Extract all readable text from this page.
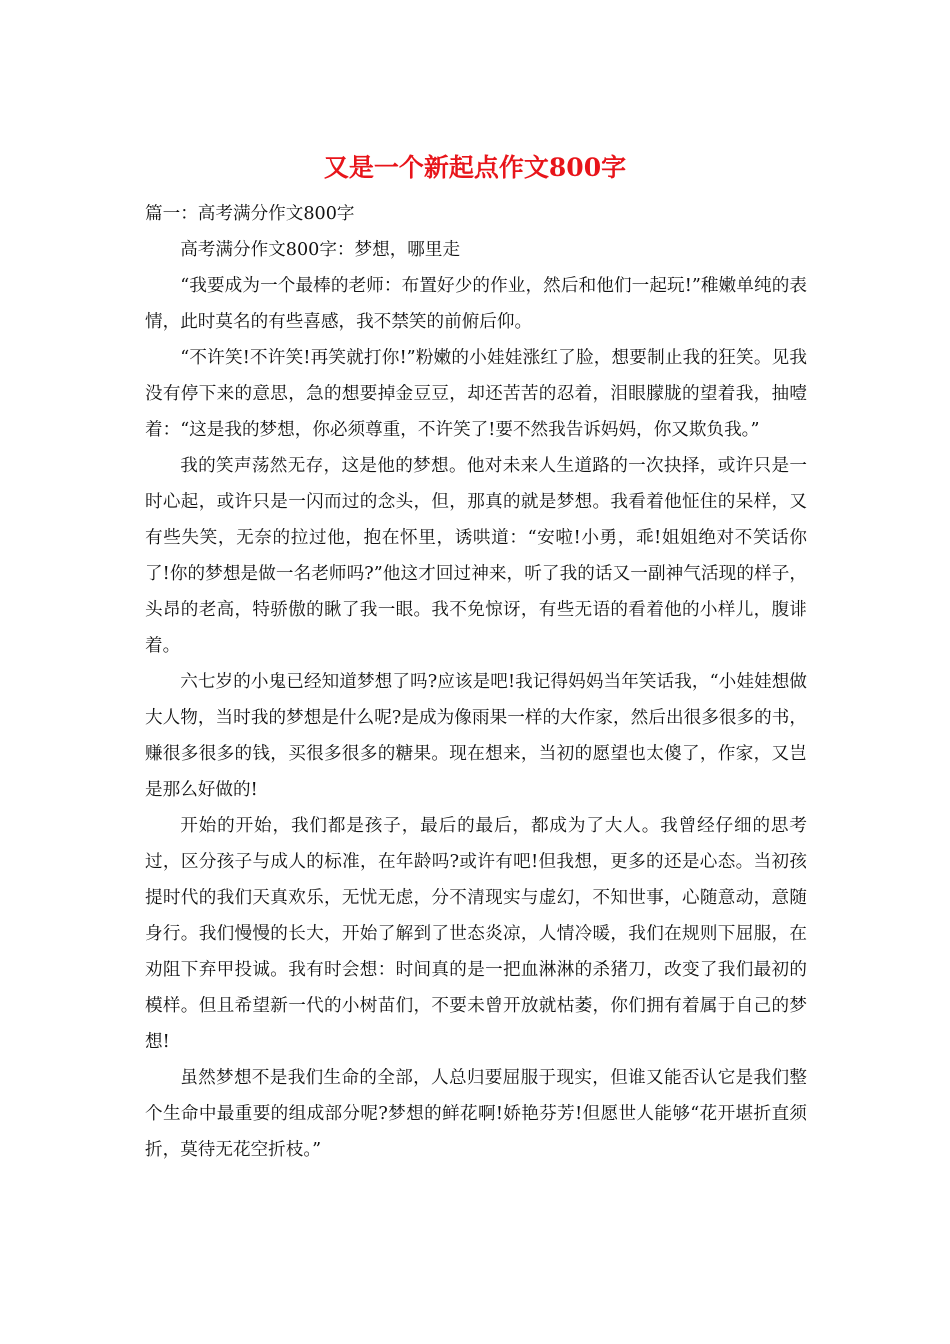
又是一个新起点作文800字

篇一：高考满分作文800字

高考满分作文800字：梦想，哪里走

“我要成为一个最棒的老师：布置好少的作业，然后和他们一起玩!”稚嫩单纯的表情，此时莫名的有些喜感，我不禁笑的前俯后仰。

“不许笑!不许笑!再笑就打你!”粉嫩的小娃娃涨红了脸，想要制止我的狂笑。见我没有停下来的意思，急的想要掉金豆豆，却还苦苦的忍着，泪眼朦胧的望着我，抽噎着：“这是我的梦想，你必须尊重，不许笑了!要不然我告诉妈妈，你又欺负我。”

我的笑声荡然无存，这是他的梦想。他对未来人生道路的一次抉择，或许只是一时心起，或许只是一闪而过的念头，但，那真的就是梦想。我看着他怔住的呆样，又有些失笑，无奈的拉过他，抱在怀里，诱哄道：“安啦!小勇，乖!姐姐绝对不笑话你了!你的梦想是做一名老师吗?”他这才回过神来，听了我的话又一副神气活现的样子，头昂的老高，特骄傲的瞅了我一眼。我不免惊讶，有些无语的看着他的小样儿，腹诽着。

六七岁的小鬼已经知道梦想了吗?应该是吧!我记得妈妈当年笑话我，“小娃娃想做大人物，当时我的梦想是什么呢?是成为像雨果一样的大作家，然后出很多很多的书，赚很多很多的钱，买很多很多的糖果。现在想来，当初的愿望也太傻了，作家，又岂是那么好做的!

开始的开始，我们都是孩子，最后的最后，都成为了大人。我曾经仔细的思考过，区分孩子与成人的标准，在年龄吗?或许有吧!但我想，更多的还是心态。当初孩提时代的我们天真欢乐，无忧无虑，分不清现实与虚幻，不知世事，心随意动，意随身行。我们慢慢的长大，开始了解到了世态炎凉，人情冷暖，我们在规则下屈服，在劝阻下弃甲投诚。我有时会想：时间真的是一把血淋淋的杀猪刀，改变了我们最初的模样。但且希望新一代的小树苗们，不要未曾开放就枯萎，你们拥有着属于自己的梦想!

虽然梦想不是我们生命的全部，人总归要屈服于现实，但谁又能否认它是我们整个生命中最重要的组成部分呢?梦想的鲜花啊!娇艳芬芳!但愿世人能够“花开堪折直须折，莫待无花空折枝。”
